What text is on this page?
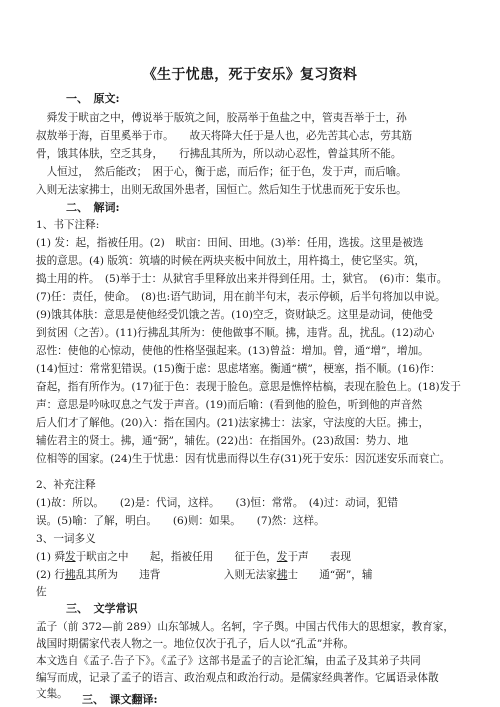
《生于忧患，死于安乐》复习资料
一、　原文:
　舜发于畎亩之中，傅说举于版筑之间，胶鬲举于鱼盐之中，管夷吾举于士，孙
叔敖举于海，百里奚举于市。　　故天将降大任于是人也，必先苦其心志，劳其筋
骨，饿其体肤，空乏其身，　　行拂乱其所为，所以动心忍性，曾益其所不能。
　人恒过，　然后能改；　困于心，衡于虑，而后作；征于色，发于声，而后喻。
入则无法家拂士，出则无敌国外患者，国恒亡。然后知生于忧患而死于安乐也。
二、　解词:
1、书下注释:
(1) 发：起，指被任用。(2)　畎亩：田间、田地。(3)举：任用，选拔。这里是被选
拔的意思。(4) 版筑：筑墙的时候在两块夹板中间放土，用杵捣土，使它坚实。筑，
捣土用的杵。　(5)举于士：从狱官手里释放出来并得到任用。士，狱官。　(6)市：集市。
(7)任：责任，使命。　(8)也:语气助词，用在前半句末，表示停顿，后半句将加以申说。
(9)饿其体肤：意思是使他经受饥饿之苦。(10)空乏，资财缺乏。这里是动词，使他受
到贫困（之苦）。(11)行拂乱其所为：使他做事不顺。拂，违背。乱，扰乱。(12)动心
忍性：使他的心惊动，使他的性格坚强起来。(13)曾益：增加。曾，通“增”，增加。
(14)恒过：常常犯错误。(15)衡于虑：思虑堵塞。衡通“横”，梗塞，指不顺。(16)作：
奋起，指有所作为。(17)征于色：表现于脸色。意思是憔悴枯槁，表现在脸色上。(18)发于
声：意思是吟咏叹息之气发于声音。(19)而后喻：(看到他的脸色，听到他的声音然
后人们才了解他。(20)入：指在国内。(21)法家拂士：法家，守法度的大臣。拂士，
辅佐君主的贤士。拂，通“弼”，辅佐。(22)出：在指国外。(23)敌国：势力、地
位相等的国家。(24)生于忧患：因有忧患而得以生存(31)死于安乐：因沉迷安乐而衰亡。
2、补充注释
(1)故：所以。　　(2)是：代词，这样。　　(3)恒：常常。　(4)过：动词，犯错
误。(5)喻：了解，明白。　　(6)则：如果。　　(7)然：这样。
3、一词多义
(1) 舜发于畎亩之中　　起，指被任用　　征于色，发于声　　表现
(2) 行拂乱其所为　　违背　　　　　　入则无法家拂士　　通“弼”，辅
佐
三、　文学常识
孟子（前 372—前 289）山东邹城人。名轲，字子舆。中国古代伟大的思想家，教育家，
战国时期儒家代表人物之一。地位仅次于孔子，后人以“孔孟”并称。
本文选自《孟子.告子下》。《孟子》这部书是孟子的言论汇编，由孟子及其弟子共同
编写而成，记录了孟子的语言、政治观点和政治行动。是儒家经典著作。它属语录体散
文集。 三、　课文翻译:
